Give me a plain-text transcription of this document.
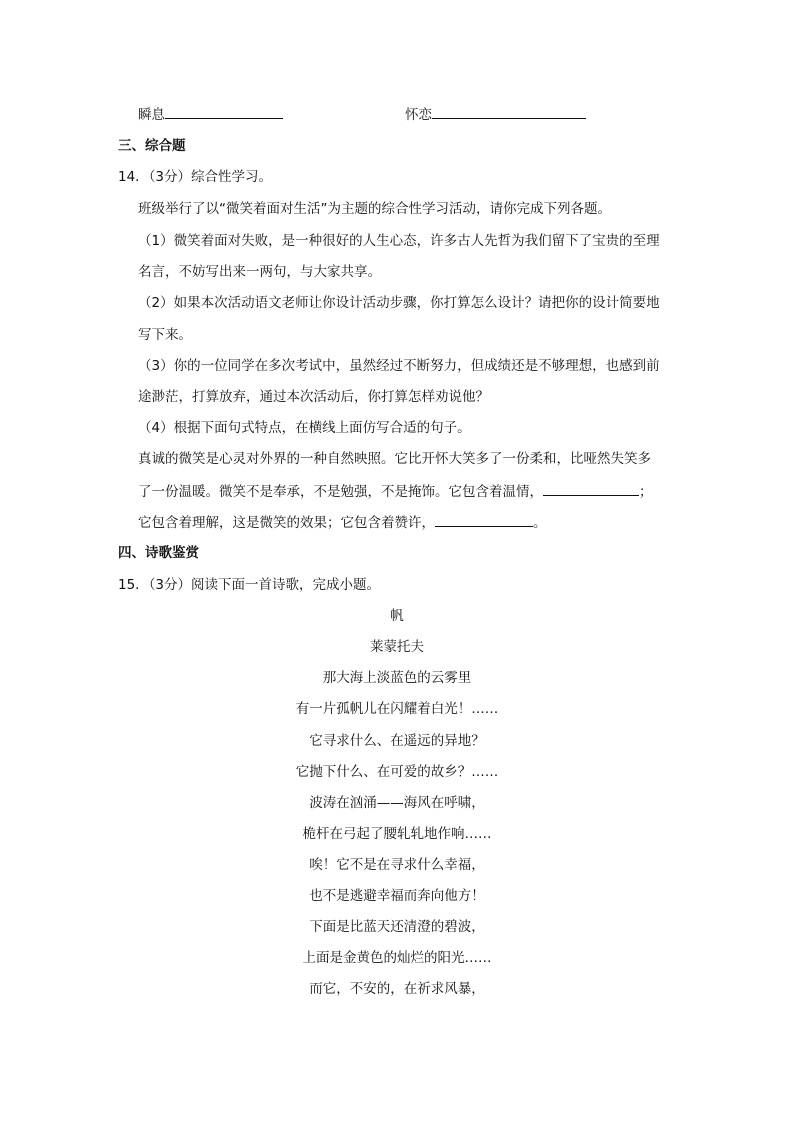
瞬息	怀恋
三、综合题
14．（3分）综合性学习。
班级举行了以“微笑着面对生活”为主题的综合性学习活动，请你完成下列各题。
（1）微笑着面对失败，是一种很好的人生心态，许多古人先哲为我们留下了宝贵的至理
名言，不妨写出来一两句，与大家共享。
（2）如果本次活动语文老师让你设计活动步骤，你打算怎么设计？请把你的设计简要地
写下来。
（3）你的一位同学在多次考试中，虽然经过不断努力，但成绩还是不够理想，也感到前
途渺茫，打算放弃，通过本次活动后，你打算怎样劝说他？
（4）根据下面句式特点，在横线上面仿写合适的句子。
真诚的微笑是心灵对外界的一种自然映照。它比开怀大笑多了一份柔和，比哑然失笑多
了一份温暖。微笑不是奉承，不是勉强，不是掩饰。它包含着温情，	；
它包含着理解，这是微笑的效果；它包含着赞许，	。
四、诗歌鉴赏
15．（3分）阅读下面一首诗歌，完成小题。
帆
莱蒙托夫
那大海上淡蓝色的云雾里
有一片孤帆儿在闪耀着白光！……
它寻求什么、在遥远的异地？
它抛下什么、在可爱的故乡？……
波涛在汹涌——海风在呼啸，
桅杆在弓起了腰轧轧地作响……
唉！它不是在寻求什么幸福，
也不是逃避幸福而奔向他方！
下面是比蓝天还清澄的碧波，
上面是金黄色的灿烂的阳光……
而它，不安的，在祈求风暴，
